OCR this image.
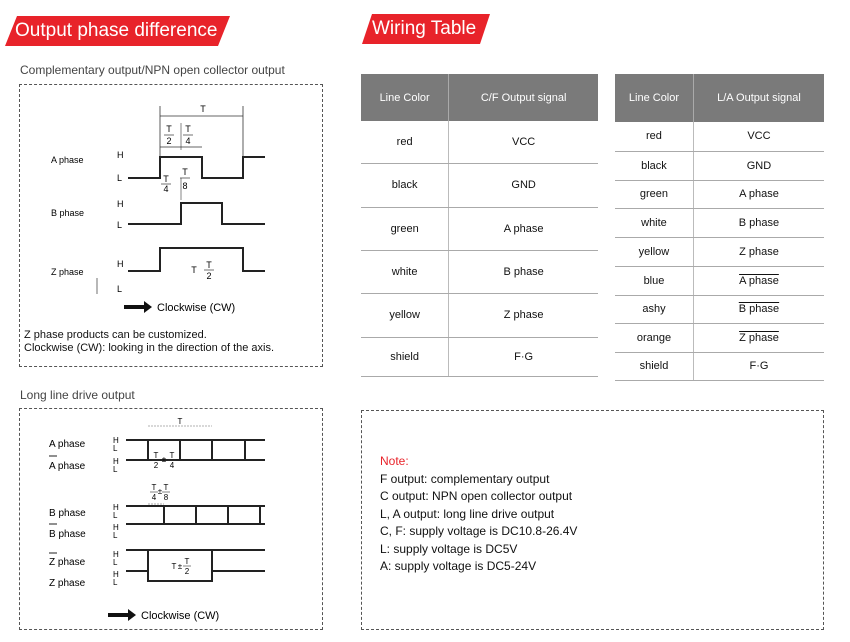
Output phase difference	Wiring Table
Complementary output/NPN open collector output
T
T
2
T
4
A phase	H
L	T
4
T
8
B phase
H
L
Z phase
H
L
T T
2
Clockwise (CW)
Z phase products can be customized.
Clockwise (CW): looking in the direction of the axis.
Long line drive output
T
A phase
A phase
H
L
H
L
T
2
± T
4
T
4
± T
8
B phase
B phase
H
L
H
L
Z phase
Z phase
H
L
H
L
T ±
T
2
Clockwise (CW)
Line Color	C/F Output signal
red	VCC
black	GND
green	A phase
white	B phase
yellow	Z phase
shield	F·G
Line Color	L/A Output signal
red	VCC
black	GND
green	A phase
white	B phase
yellow	Z phase
blue	A phase
ashy	B phase
orange	Z phase
shield	F·G
Note:
F output: complementary output
C output: NPN open collector output
L, A output: long line drive output
C, F: supply voltage is DC10.8-26.4V
L: supply voltage is DC5V
A: supply voltage is DC5-24V
